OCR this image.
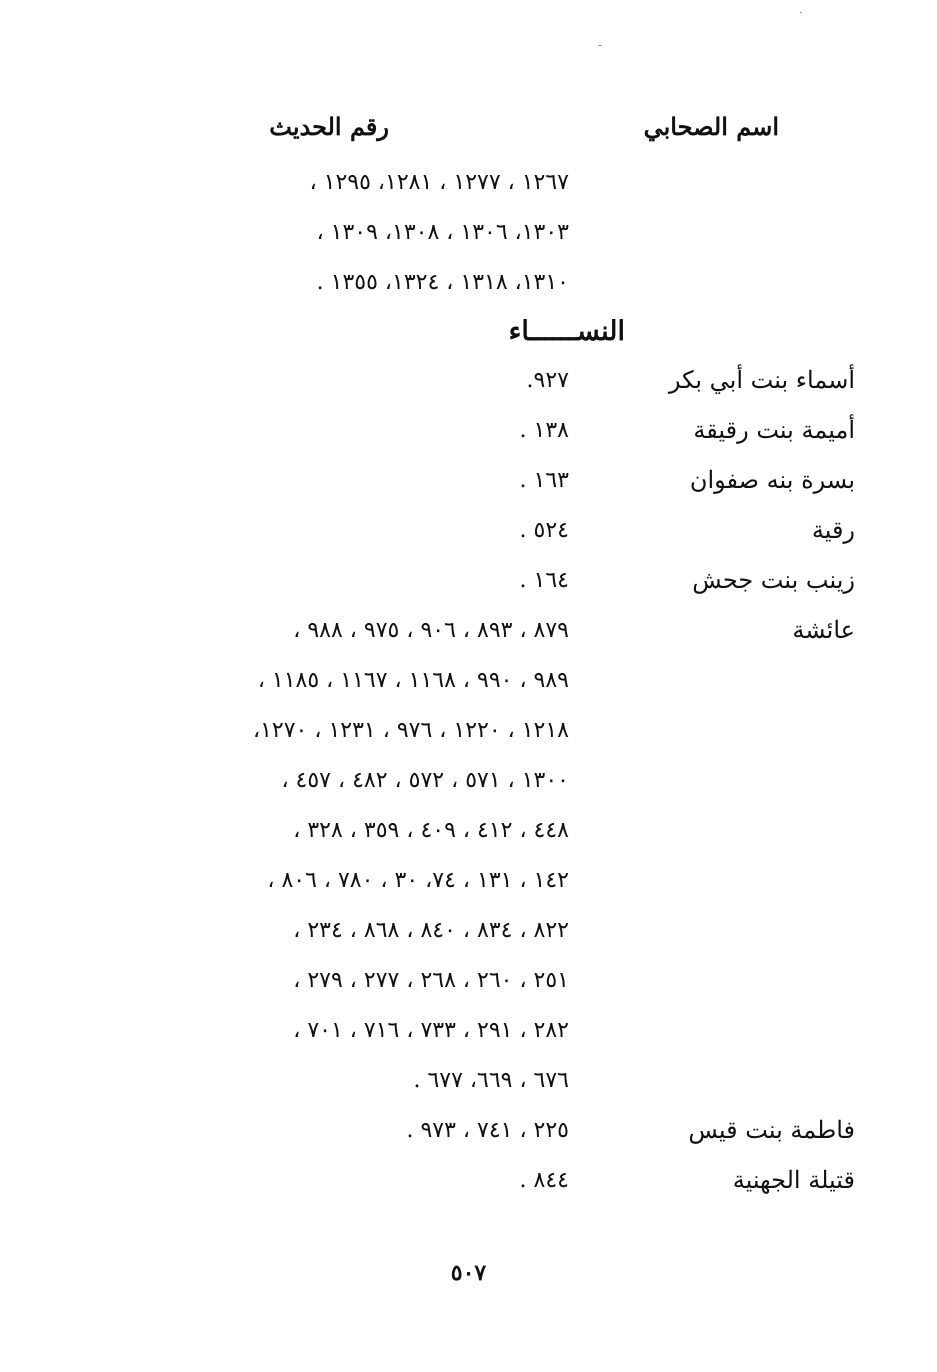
اسم الصحابي
رقم الحديث
النســــــاء
١٢٦٧ ، ١٢٧٧ ، ١٢٨١، ١٢٩٥ ،
١٣٠٣، ١٣٠٦ ، ١٣٠٨، ١٣٠٩ ،
١٣١٠، ١٣١٨ ، ١٣٢٤، ١٣٥٥ .
أسماء بنت أبي بكر
٩٢٧.
أميمة بنت رقيقة
١٣٨ .
بسرة بنه صفوان
١٦٣ .
رقية
٥٢٤ .
زينب بنت جحش
١٦٤ .
عائشة
٨٧٩ ، ٨٩٣ ، ٩٠٦ ، ٩٧٥ ، ٩٨٨ ،
٩٨٩ ، ٩٩٠ ، ١١٦٨ ، ١١٦٧ ، ١١٨٥ ،
١٢١٨ ، ١٢٢٠ ، ٩٧٦ ، ١٢٣١ ، ١٢٧٠،
١٣٠٠ ، ٥٧١ ، ٥٧٢ ، ٤٨٢ ، ٤٥٧ ،
٤٤٨ ، ٤١٢ ، ٤٠٩ ، ٣٥٩ ، ٣٢٨ ،
١٤٢ ، ١٣١ ، ٧٤، ٣٠ ، ٧٨٠ ، ٨٠٦ ،
٨٢٢ ، ٨٣٤ ، ٨٤٠ ، ٨٦٨ ، ٢٣٤ ،
٢٥١ ، ٢٦٠ ، ٢٦٨ ، ٢٧٧ ، ٢٧٩ ،
٢٨٢ ، ٢٩١ ، ٧٣٣ ، ٧١٦ ، ٧٠١ ،
٦٧٦ ، ٦٦٩، ٦٧٧ .
فاطمة بنت قيس
٢٢٥ ، ٧٤١ ، ٩٧٣ .
قتيلة الجهنية
٨٤٤ .
٥٠٧
